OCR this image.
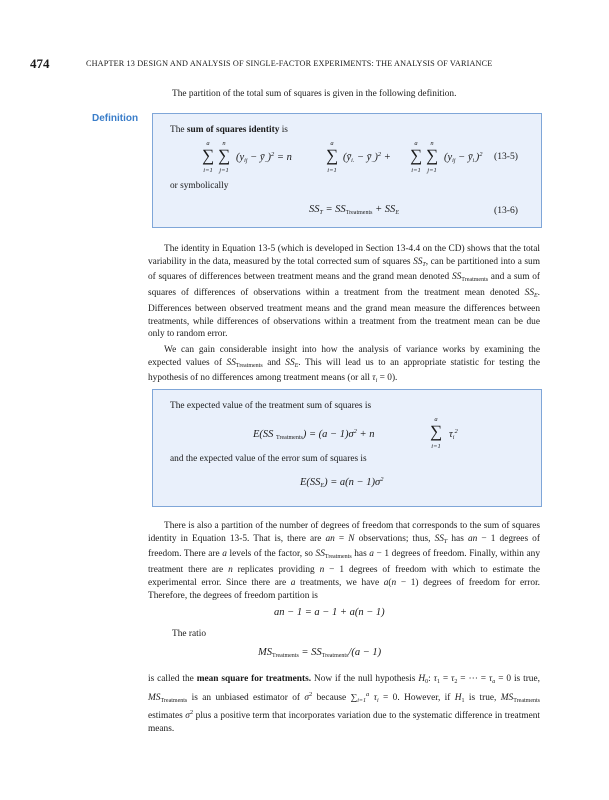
474	CHAPTER 13 DESIGN AND ANALYSIS OF SINGLE-FACTOR EXPERIMENTS: THE ANALYSIS OF VARIANCE

The partition of the total sum of squares is given in the following definition.

Definition

The sum of squares identity is

a
∑
i=1
n
∑
j=1
($y_{ij}$ − $ȳ_{..})^2 = n$
a
∑
i=1
($ȳ_{i.}$ − $ȳ_{..})^2$ +
a
∑
i=1
n
∑
j=1
($y_{ij}$ − $ȳ_{i.})^2$ (13-5)

or symbolically

$SS_T = SS_{Treatments} + SS_E$	(13-6)

The identity in Equation 13-5 (which is developed in Section 13-4.4 on the CD) shows that the total variability in the data, measured by the total corrected sum of squares $SS_T$, can be partitioned into a sum of squares of differences between treatment means and the grand mean denoted $SS_{Treatments}$ and a sum of squares of differences of observations within a treatment from the treatment mean denoted $SS_E$. Differences between observed treatment means and the grand mean measure the differences between treatments, while differences of observations within a treatment from the treatment mean can be due only to random error.

We can gain considerable insight into how the analysis of variance works by examining the expected values of $SS_{Treatments}$ and $SS_E$. This will lead us to an appropriate statistic for testing the hypothesis of no differences among treatment means (or all $\tau_i = 0$).

The expected value of the treatment sum of squares is

E(SS $_{Treatments}) = (a - 1)\sigma^2 + n$
a
∑
i=1
$\tau_i^2$

and the expected value of the error sum of squares is

$E(SS_E) = a(n - 1)\sigma^2$

There is also a partition of the number of degrees of freedom that corresponds to the sum of squares identity in Equation 13-5. That is, there are an = N observations; thus, $SS_T$ has an − 1 degrees of freedom. There are a levels of the factor, so $SS_{Treatments}$ has a − 1 degrees of freedom. Finally, within any treatment there are n replicates providing n − 1 degrees of freedom with which to estimate the experimental error. Since there are a treatments, we have a(n − 1) degrees of freedom for error. Therefore, the degrees of freedom partition is

an − 1 = a − 1 + a(n − 1)

The ratio

$MS_{Treatments} = SS_{Treatments}/(a - 1)$

is called the mean square for treatments. Now if the null hypothesis $H_0$: $\tau_1 = \tau_2$ = ⋯ = $\tau_a = 0$ is true, $MS_{Treatments}$ is an unbiased estimator of $\sigma^2$ because $\sum_{i=1}^a$ $\tau_i = 0$. However, if $H_1$ is true, $MS_{Treatments}$ estimates $\sigma^2$ plus a positive term that incorporates variation due to the systematic difference in treatment means.
